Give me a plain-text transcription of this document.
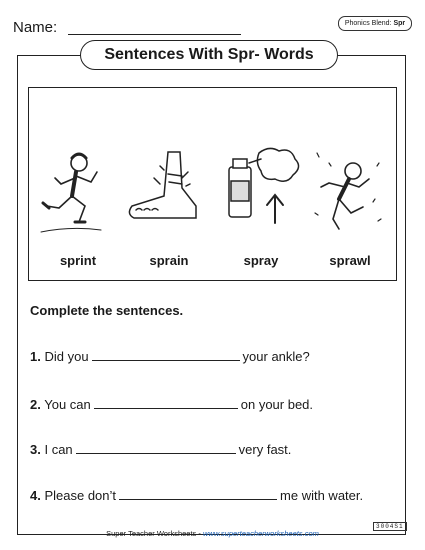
Name:	Phonics Blend: Spr
Sentences With Spr- Words
sprint	sprain	spray	sprawl
Complete the sentences.
1. Did you	your ankle?
2. You can	on your bed.
3. I can	very fast.
4. Please don’t	me with water.
Super Teacher Worksheets - www.superteacherworksheets.com
3004S1
